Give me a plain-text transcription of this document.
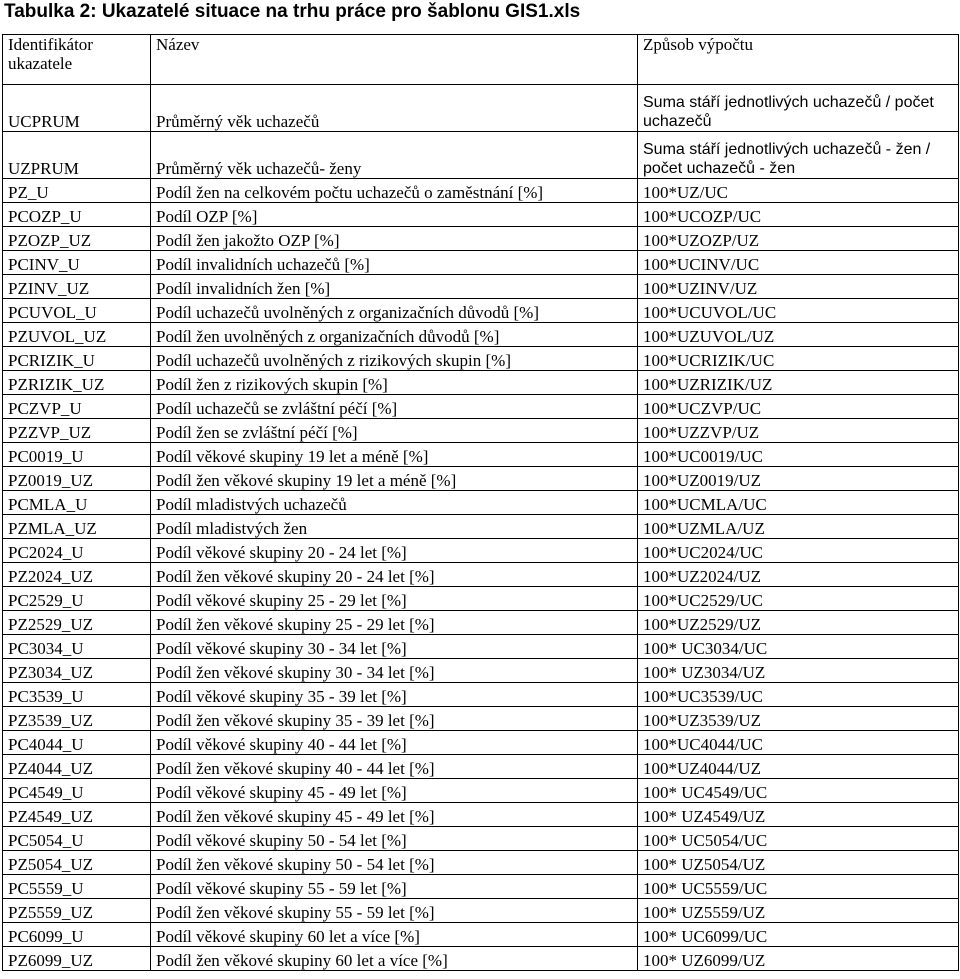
Tabulka 2: Ukazatelé situace na trhu práce pro šablonu GIS1.xls
Identifikátor ukazatele	Název	Způsob výpočtu
UCPRUM	Průměrný věk uchazečů	Suma stáří jednotlivých uchazečů / počet uchazečů
UZPRUM	Průměrný věk uchazečů- ženy	Suma stáří jednotlivých uchazečů - žen / počet uchazečů - žen
PZ_U	Podíl žen na celkovém počtu uchazečů o zaměstnání [%]	100*UZ/UC
PCOZP_U	Podíl OZP [%]	100*UCOZP/UC
PZOZP_UZ	Podíl žen jakožto OZP [%]	100*UZOZP/UZ
PCINV_U	Podíl invalidních uchazečů [%]	100*UCINV/UC
PZINV_UZ	Podíl invalidních žen [%]	100*UZINV/UZ
PCUVOL_U	Podíl uchazečů uvolněných z organizačních důvodů [%]	100*UCUVOL/UC
PZUVOL_UZ	Podíl žen uvolněných z organizačních důvodů [%]	100*UZUVOL/UZ
PCRIZIK_U	Podíl uchazečů uvolněných z rizikových skupin [%]	100*UCRIZIK/UC
PZRIZIK_UZ	Podíl žen z rizikových skupin [%]	100*UZRIZIK/UZ
PCZVP_U	Podíl uchazečů se zvláštní péčí [%]	100*UCZVP/UC
PZZVP_UZ	Podíl žen se zvláštní péčí [%]	100*UZZVP/UZ
PC0019_U	Podíl věkové skupiny 19 let a méně [%]	100*UC0019/UC
PZ0019_UZ	Podíl žen věkové skupiny 19 let a méně [%]	100*UZ0019/UZ
PCMLA_U	Podíl mladistvých uchazečů	100*UCMLA/UC
PZMLA_UZ	Podíl mladistvých žen	100*UZMLA/UZ
PC2024_U	Podíl věkové skupiny 20 - 24 let [%]	100*UC2024/UC
PZ2024_UZ	Podíl žen věkové skupiny 20 - 24 let [%]	100*UZ2024/UZ
PC2529_U	Podíl věkové skupiny 25 - 29 let [%]	100*UC2529/UC
PZ2529_UZ	Podíl žen věkové skupiny 25 - 29 let [%]	100*UZ2529/UZ
PC3034_U	Podíl věkové skupiny 30 - 34 let [%]	100* UC3034/UC
PZ3034_UZ	Podíl žen věkové skupiny 30 - 34 let [%]	100* UZ3034/UZ
PC3539_U	Podíl věkové skupiny 35 - 39 let [%]	100*UC3539/UC
PZ3539_UZ	Podíl žen věkové skupiny 35 - 39 let [%]	100*UZ3539/UZ
PC4044_U	Podíl věkové skupiny 40 - 44 let [%]	100*UC4044/UC
PZ4044_UZ	Podíl žen věkové skupiny 40 - 44 let [%]	100*UZ4044/UZ
PC4549_U	Podíl věkové skupiny 45 - 49 let [%]	100* UC4549/UC
PZ4549_UZ	Podíl žen věkové skupiny 45 - 49 let [%]	100* UZ4549/UZ
PC5054_U	Podíl věkové skupiny 50 - 54 let [%]	100* UC5054/UC
PZ5054_UZ	Podíl žen věkové skupiny 50 - 54 let [%]	100* UZ5054/UZ
PC5559_U	Podíl věkové skupiny 55 - 59 let [%]	100* UC5559/UC
PZ5559_UZ	Podíl žen věkové skupiny 55 - 59 let [%]	100* UZ5559/UZ
PC6099_U	Podíl věkové skupiny 60 let a více [%]	100* UC6099/UC
PZ6099_UZ	Podíl žen věkové skupiny 60 let a více [%]	100* UZ6099/UZ
